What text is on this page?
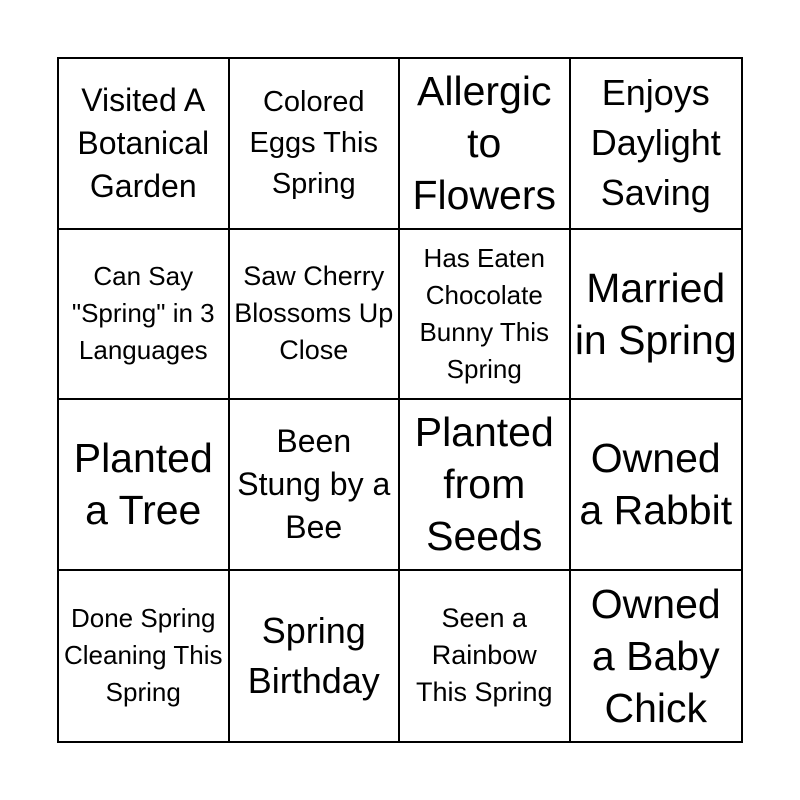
Visited A Botanical Garden
Colored Eggs This Spring
Allergic to Flowers
Enjoys Daylight Saving
Can Say "Spring" in 3 Languages
Saw Cherry Blossoms Up Close
Has Eaten Chocolate Bunny This Spring
Married in Spring
Planted a Tree
Been Stung by a Bee
Planted from Seeds
Owned a Rabbit
Done Spring Cleaning This Spring
Spring Birthday
Seen a Rainbow This Spring
Owned a Baby Chick
